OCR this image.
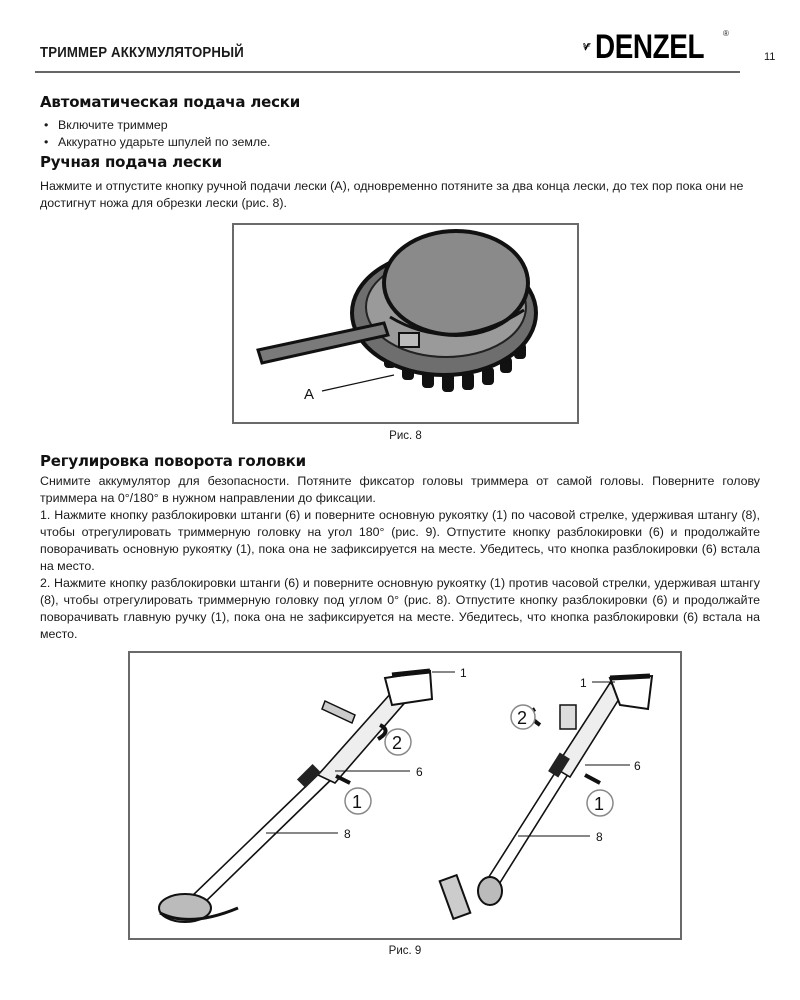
ТРИММЕР АККУМУЛЯТОРНЫЙ	DENZEL ®
11
Автоматическая подача лески
• Включите триммер
• Аккуратно ударьте шпулей по земле.
Ручная подача лески
Нажмите и отпустите кнопку ручной подачи лески (А), одновременно потяните за два конца лески, до тех пор пока они не достигнут ножа для обрезки лески (рис. 8).
A
Рис. 8
Регулировка поворота головки
Снимите аккумулятор для безопасности. Потяните фиксатор головы триммера от самой головы. Поверните голову триммера на 0°/180° в нужном направлении до фиксации.
1. Нажмите кнопку разблокировки штанги (6) и поверните основную рукоятку (1) по часовой стрелке, удерживая штангу (8), чтобы отрегулировать триммерную головку на угол 180° (рис. 9). Отпустите кнопку разблокировки (6) и продолжайте поворачивать основную рукоятку (1), пока она не зафиксируется на месте. Убедитесь, что кнопка разблокировки (6) встала на место.
2. Нажмите кнопку разблокировки штанги (6) и поверните основную рукоятку (1) против часовой стрелки, удерживая штангу (8), чтобы отрегулировать триммерную головку под углом 0° (рис. 8). Отпустите кнопку разблокировки (6) и продолжайте поворачивать главную ручку (1), пока она не зафиксируется на месте. Убедитесь, что кнопка разблокировки (6) встала на место.
1
2
6
1
8
1
2
6
1
8
Рис. 9
